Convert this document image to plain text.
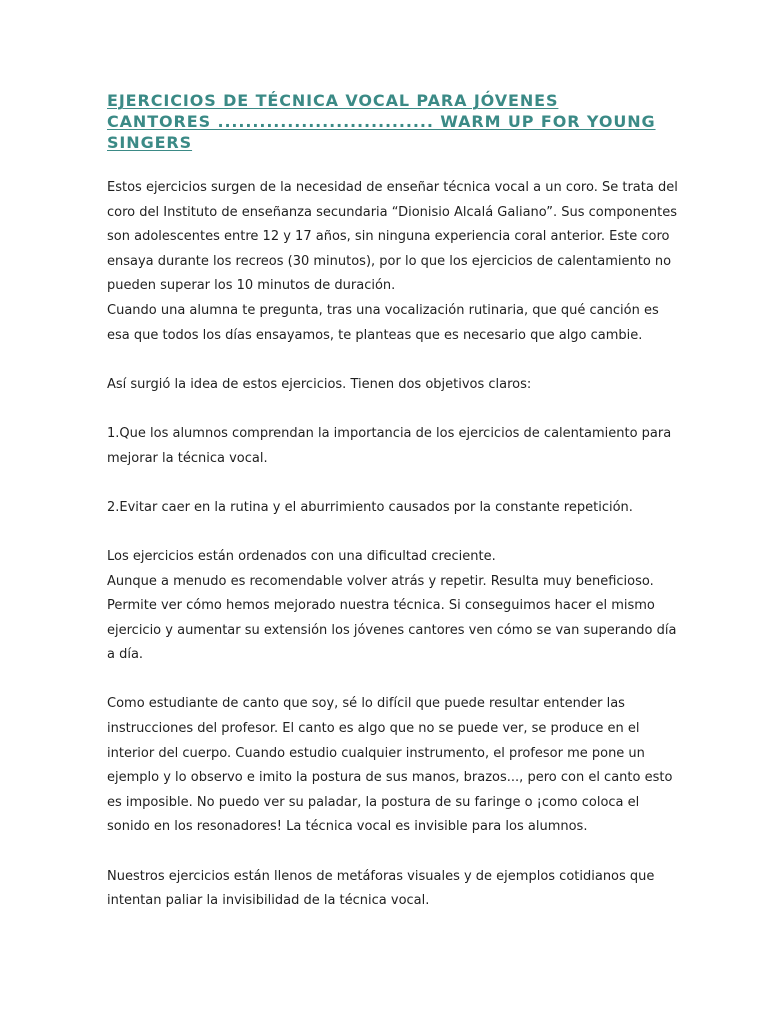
EJERCICIOS DE TÉCNICA VOCAL PARA JÓVENES
CANTORES ............................... WARM UP FOR YOUNG
SINGERS
Estos ejercicios surgen de la necesidad de enseñar técnica vocal a un coro. Se trata del
coro del Instituto de enseñanza secundaria “Dionisio Alcalá Galiano”. Sus componentes
son adolescentes entre 12 y 17 años, sin ninguna experiencia coral anterior. Este coro
ensaya durante los recreos (30 minutos), por lo que los ejercicios de calentamiento no
pueden superar los 10 minutos de duración.
Cuando una alumna te pregunta, tras una vocalización rutinaria, que qué canción es
esa que todos los días ensayamos, te planteas que es necesario que algo cambie.
Así surgió la idea de estos ejercicios. Tienen dos objetivos claros:
1.Que los alumnos comprendan la importancia de los ejercicios de calentamiento para
mejorar la técnica vocal.
2.Evitar caer en la rutina y el aburrimiento causados por la constante repetición.
Los ejercicios están ordenados con una dificultad creciente.
Aunque a menudo es recomendable volver atrás y repetir. Resulta muy beneficioso.
Permite ver cómo hemos mejorado nuestra técnica. Si conseguimos hacer el mismo
ejercicio y aumentar su extensión los jóvenes cantores ven cómo se van superando día
a día.
Como estudiante de canto que soy, sé lo difícil que puede resultar entender las
instrucciones del profesor. El canto es algo que no se puede ver, se produce en el
interior del cuerpo. Cuando estudio cualquier instrumento, el profesor me pone un
ejemplo y lo observo e imito la postura de sus manos, brazos..., pero con el canto esto
es imposible. No puedo ver su paladar, la postura de su faringe o ¡como coloca el
sonido en los resonadores! La técnica vocal es invisible para los alumnos.
Nuestros ejercicios están llenos de metáforas visuales y de ejemplos cotidianos que
intentan paliar la invisibilidad de la técnica vocal.
